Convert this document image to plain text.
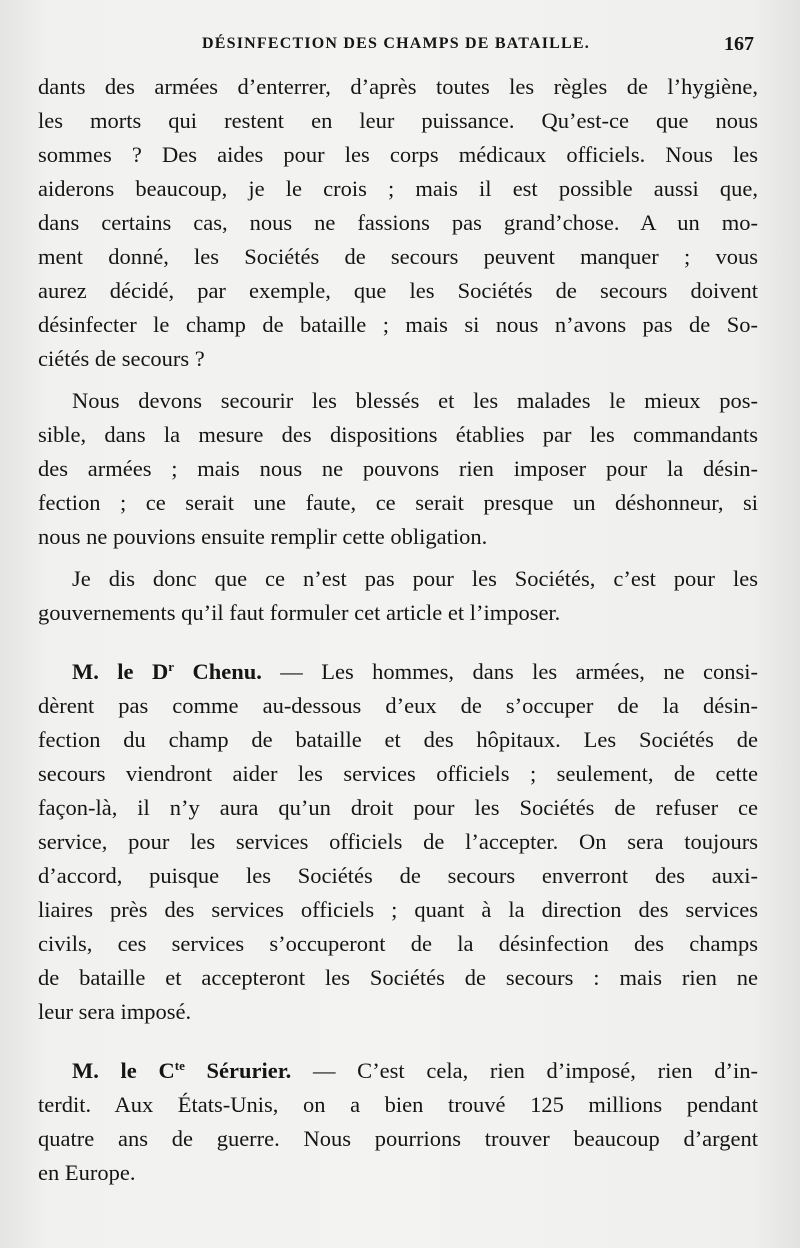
DÉSINFECTION DES CHAMPS DE BATAILLE.	167
dants des armées d’enterrer, d’après toutes les règles de l’hygiène,
les morts qui restent en leur puissance. Qu’est-ce que nous
sommes ? Des aides pour les corps médicaux officiels. Nous les
aiderons beaucoup, je le crois ; mais il est possible aussi que,
dans certains cas, nous ne fassions pas grand’chose. A un mo-
ment donné, les Sociétés de secours peuvent manquer ; vous
aurez décidé, par exemple, que les Sociétés de secours doivent
désinfecter le champ de bataille ; mais si nous n’avons pas de So-
ciétés de secours ?
Nous devons secourir les blessés et les malades le mieux pos-
sible, dans la mesure des dispositions établies par les commandants
des armées ; mais nous ne pouvons rien imposer pour la désin-
fection ; ce serait une faute, ce serait presque un déshonneur, si
nous ne pouvions ensuite remplir cette obligation.
Je dis donc que ce n’est pas pour les Sociétés, c’est pour les
gouvernements qu’il faut formuler cet article et l’imposer.
M. le $D^r$ Chenu. — Les hommes, dans les armées, ne consi-
dèrent pas comme au-dessous d’eux de s’occuper de la désin-
fection du champ de bataille et des hôpitaux. Les Sociétés de
secours viendront aider les services officiels ; seulement, de cette
façon-là, il n’y aura qu’un droit pour les Sociétés de refuser ce
service, pour les services officiels de l’accepter. On sera toujours
d’accord, puisque les Sociétés de secours enverront des auxi-
liaires près des services officiels ; quant à la direction des services
civils, ces services s’occuperont de la désinfection des champs
de bataille et accepteront les Sociétés de secours : mais rien ne
leur sera imposé.
M. le $C^{te}$ Sérurier. — C’est cela, rien d’imposé, rien d’in-
terdit. Aux États-Unis, on a bien trouvé 125 millions pendant
quatre ans de guerre. Nous pourrions trouver beaucoup d’argent
en Europe.
